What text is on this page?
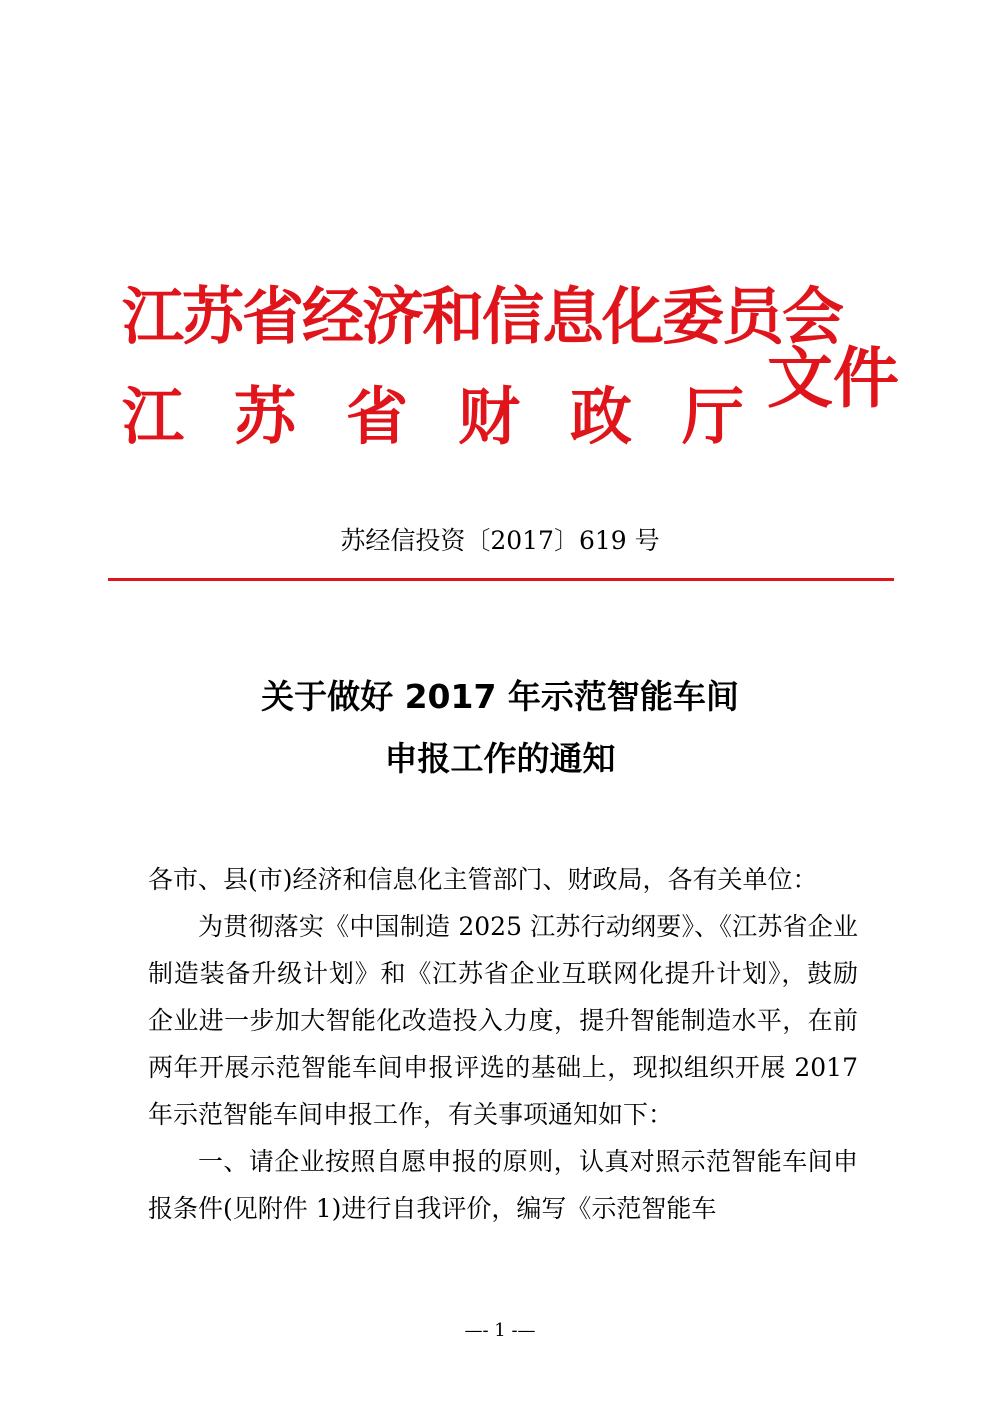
江苏省经济和信息化委员会
江苏省财政厅
文件
苏经信投资〔2017〕619 号
关于做好 2017 年示范智能车间
申报工作的通知

各市、县(市)经济和信息化主管部门、财政局，各有关单位：

为贯彻落实《中国制造 2025 江苏行动纲要》、《江苏省企业制造装备升级计划》和《江苏省企业互联网化提升计划》，鼓励企业进一步加大智能化改造投入力度，提升智能制造水平，在前两年开展示范智能车间申报评选的基础上，现拟组织开展 2017 年示范智能车间申报工作，有关事项通知如下：

一、请企业按照自愿申报的原则，认真对照示范智能车间申报条件(见附件 1)进行自我评价，编写《示范智能车

—- 1 -—
